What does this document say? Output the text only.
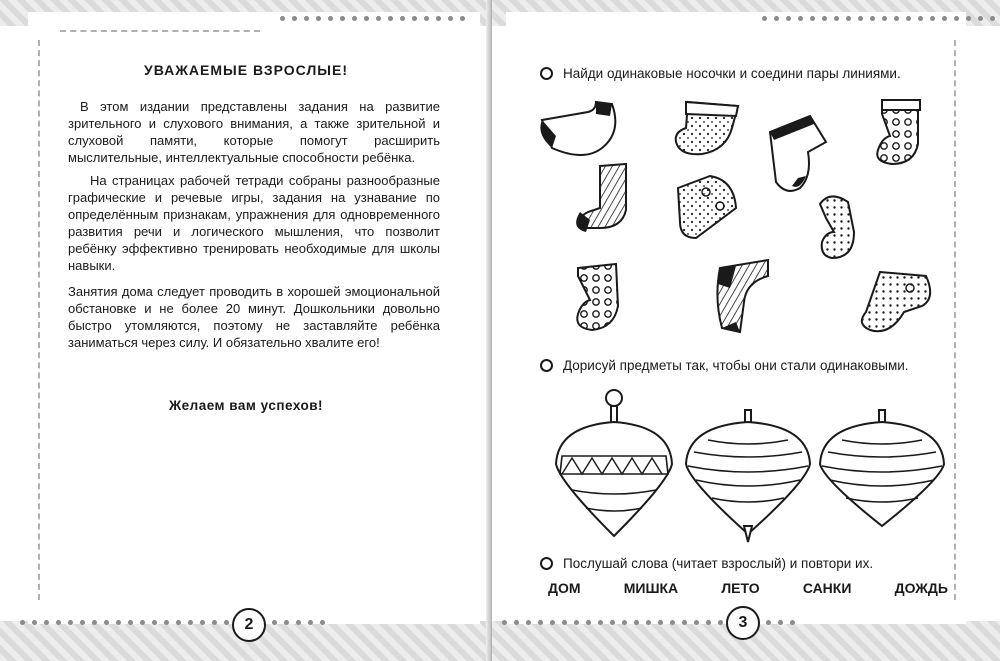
УВАЖАЕМЫЕ ВЗРОСЛЫЕ!
В этом издании представлены задания на развитие зрительного и слухового внимания, а также зрительной и слуховой памяти, которые помогут расширить мыслительные, интеллектуальные способности ребёнка.
На страницах рабочей тетради собраны разнообразные графические и речевые игры, задания на узнавание по определённым признакам, упражнения для одновременного развития речи и логического мышления, что позволит ребёнку эффективно тренировать необходимые для школы навыки.
Занятия дома следует проводить в хорошей эмоциональной обстановке и не более 20 минут. Дошкольники довольно быстро утомляются, поэтому не заставляйте ребёнка заниматься через силу. И обязательно хвалите его!
Желаем вам успехов!
2	3
Найди одинаковые носочки и соедини пары линиями.
Дорисуй предметы так, чтобы они стали одинаковыми.
Послушай слова (читает взрослый) и повтори их.
ДОМ	МИШКА	ЛЕТО	САНКИ	ДОЖДЬ
